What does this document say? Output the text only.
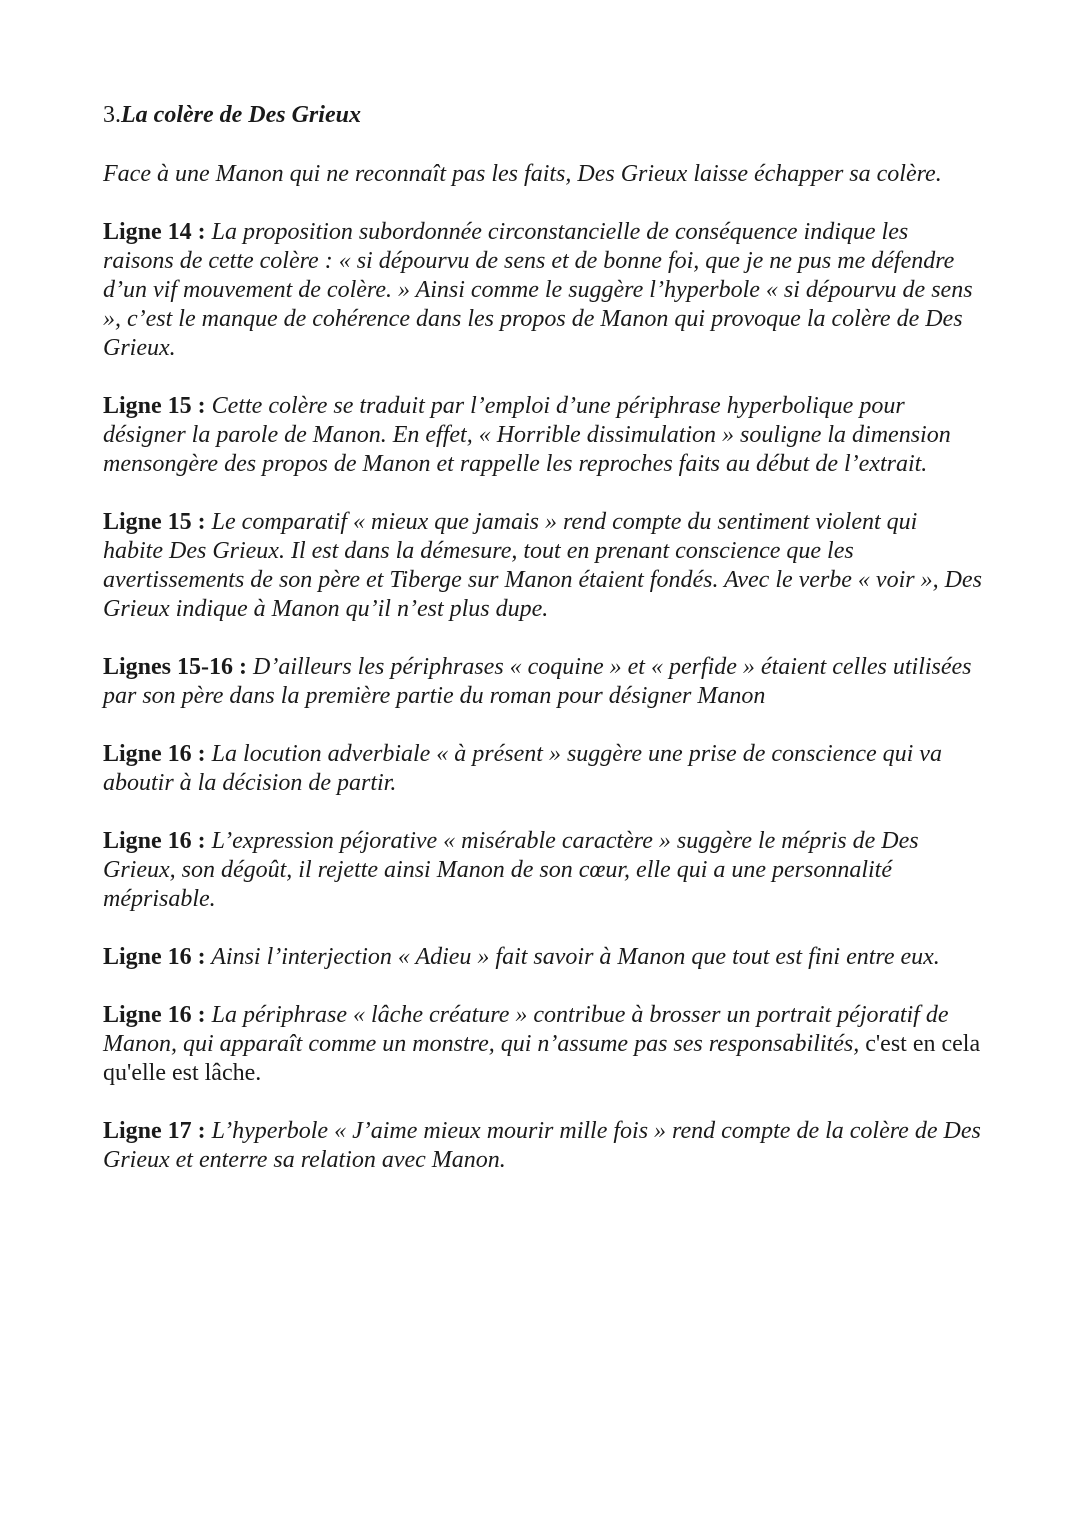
3.La colère de Des Grieux

Face à une Manon qui ne reconnaît pas les faits, Des Grieux laisse échapper sa colère.

Ligne 14 : La proposition subordonnée circonstancielle de conséquence indique les raisons de cette colère : « si dépourvu de sens et de bonne foi, que je ne pus me défendre d’un vif mouvement de colère. » Ainsi comme le suggère l’hyperbole « si dépourvu de sens », c’est le manque de cohérence dans les propos de Manon qui provoque la colère de Des Grieux.

Ligne 15 : Cette colère se traduit par l’emploi d’une périphrase hyperbolique pour désigner la parole de Manon. En effet, « Horrible dissimulation » souligne la dimension mensongère des propos de Manon et rappelle les reproches faits au début de l’extrait.

Ligne 15 : Le comparatif « mieux que jamais » rend compte du sentiment violent qui habite Des Grieux. Il est dans la démesure, tout en prenant conscience que les avertissements de son père et Tiberge sur Manon étaient fondés. Avec le verbe « voir », Des Grieux indique à Manon qu’il n’est plus dupe.

Lignes 15-16 : D’ailleurs les périphrases « coquine » et « perfide » étaient celles utilisées par son père dans la première partie du roman pour désigner Manon

Ligne 16 : La locution adverbiale « à présent » suggère une prise de conscience qui va aboutir à la décision de partir.

Ligne 16 : L’expression péjorative « misérable caractère » suggère le mépris de Des Grieux, son dégoût, il rejette ainsi Manon de son cœur, elle qui a une personnalité méprisable.

Ligne 16 : Ainsi l’interjection « Adieu » fait savoir à Manon que tout est fini entre eux.

Ligne 16 : La périphrase « lâche créature » contribue à brosser un portrait péjoratif de Manon, qui apparaît comme un monstre, qui n’assume pas ses responsabilités, c'est en cela qu'elle est lâche.

Ligne 17 : L’hyperbole « J’aime mieux mourir mille fois » rend compte de la colère de Des Grieux et enterre sa relation avec Manon.
